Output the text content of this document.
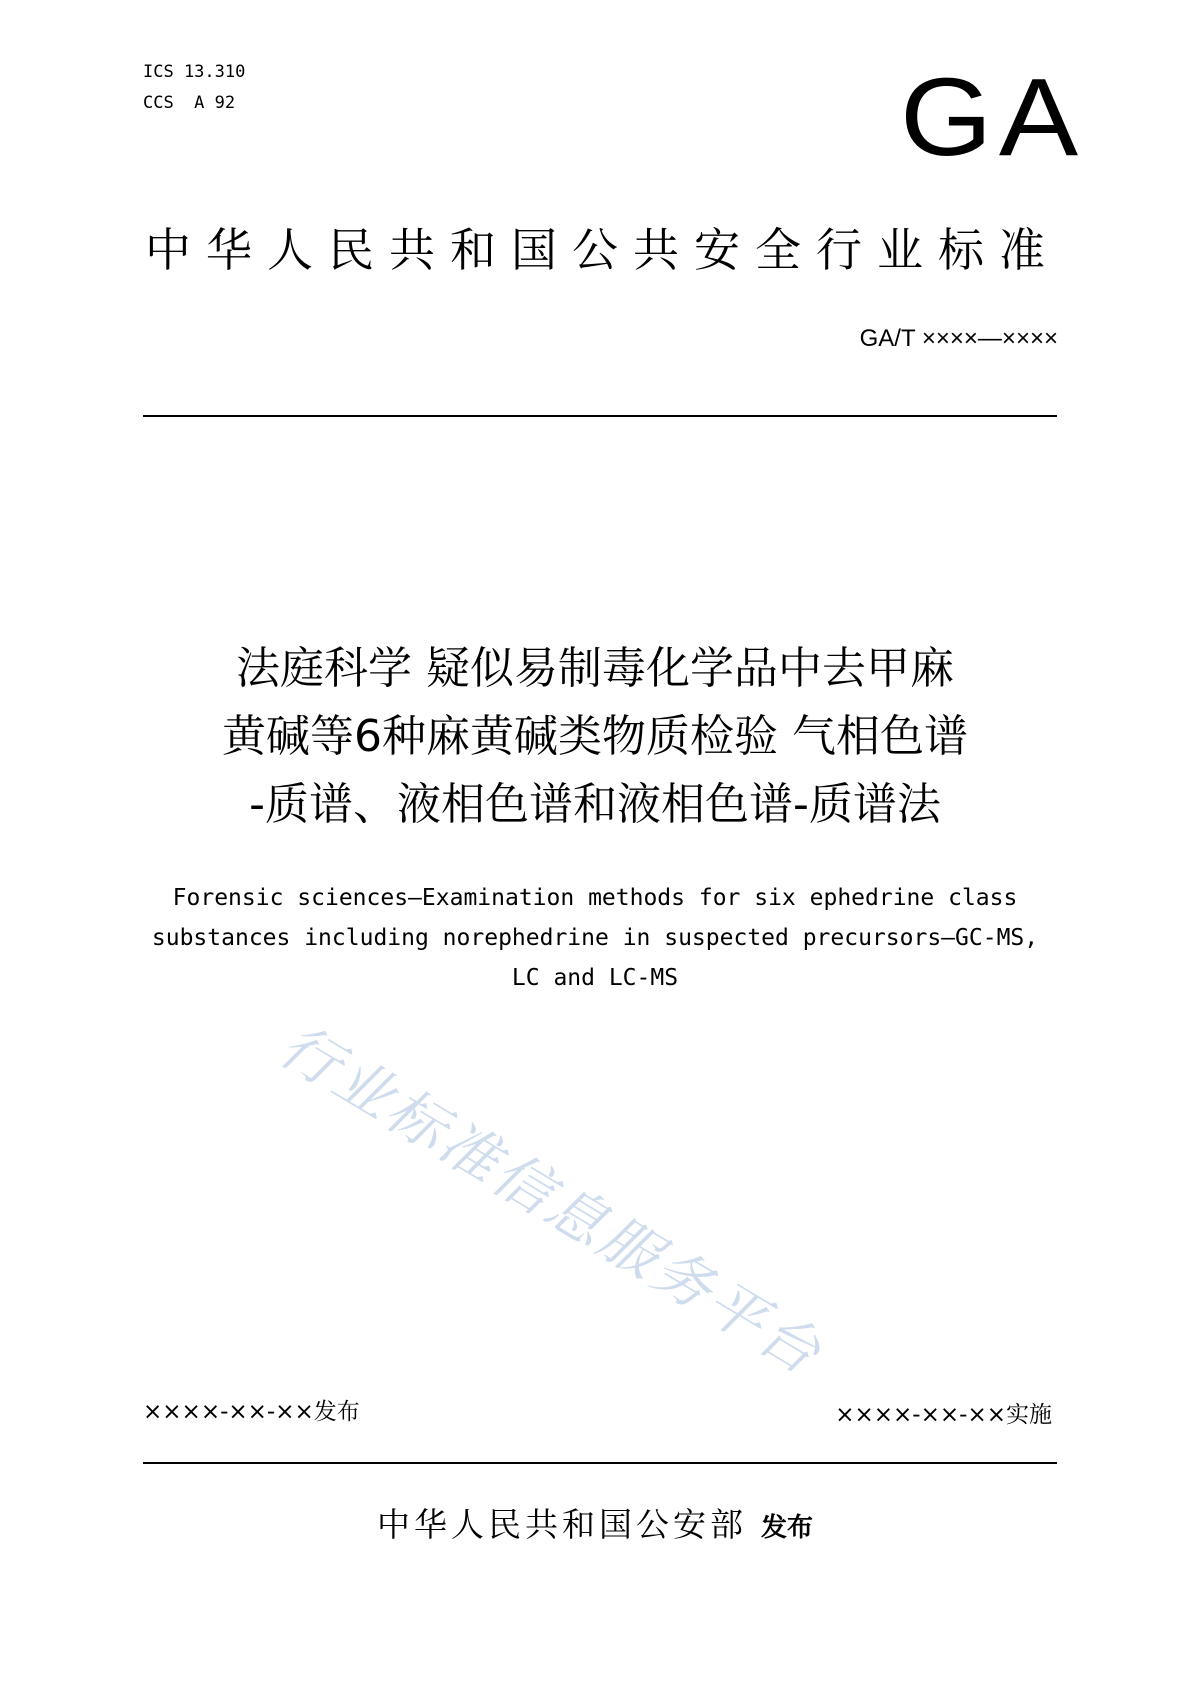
ICS 13.310
CCS  A 92	GA
中华人民共和国公共安全行业标准
GA/T ××××—××××
法庭科学 疑似易制毒化学品中去甲麻
黄碱等6种麻黄碱类物质检验 气相色谱
-质谱、液相色谱和液相色谱-质谱法
Forensic sciences—Examination methods for six ephedrine class
substances including norephedrine in suspected precursors—GC-MS,
LC and LC-MS
行业标准信息服务平台
××××-××-××发布	××××-××-××实施
中华人民共和国公安部 发布
